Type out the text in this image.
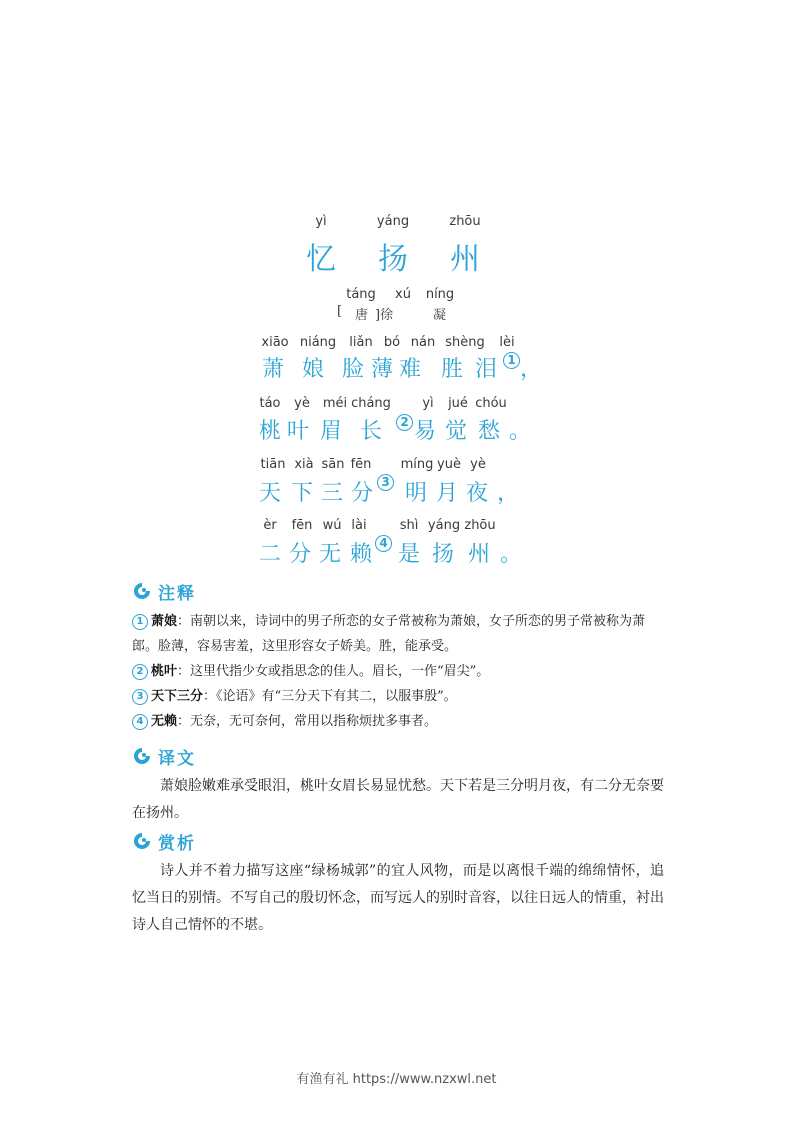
yì	yáng	zhōu
忆 扬 州
táng xú níng
[ 唐 ]徐	凝
xiāo niáng liǎn bó nán shèng lèi
萧 娘 脸 薄 难 胜 泪 1 ，
táo yè méi cháng yì jué chóu
桃 叶 眉 长	2 易 觉 愁 。
tiān xià sān fēn míng yuè yè
天 下 三 分 3 明 月 夜 ，
èr fēn wú lài	shì yáng zhōu
二 分 无 赖 4 是 扬 州 。
注释
1 萧娘：南朝以来，诗词中的男子所恋的女子常被称为萧娘，女子所恋的男子常被称为萧郎。脸薄，容易害羞，这里形容女子娇美。胜，能承受。
2 桃叶：这里代指少女或指思念的佳人。眉长，一作“眉尖”。
3 天下三分：《论语》有“三分天下有其二，以服事殷”。
4 无赖：无奈，无可奈何，常用以指称烦扰多事者。
译文
萧娘脸嫩难承受眼泪，桃叶女眉长易显忧愁。天下若是三分明月夜，有二分无奈要在扬州。
赏析
诗人并不着力描写这座“绿杨城郭”的宜人风物，而是以离恨千端的绵绵情怀，追忆当日的别情。不写自己的殷切怀念，而写远人的别时音容，以往日远人的情重，衬出诗人自己情怀的不堪。
有渔有礼 https://www.nzxwl.net
